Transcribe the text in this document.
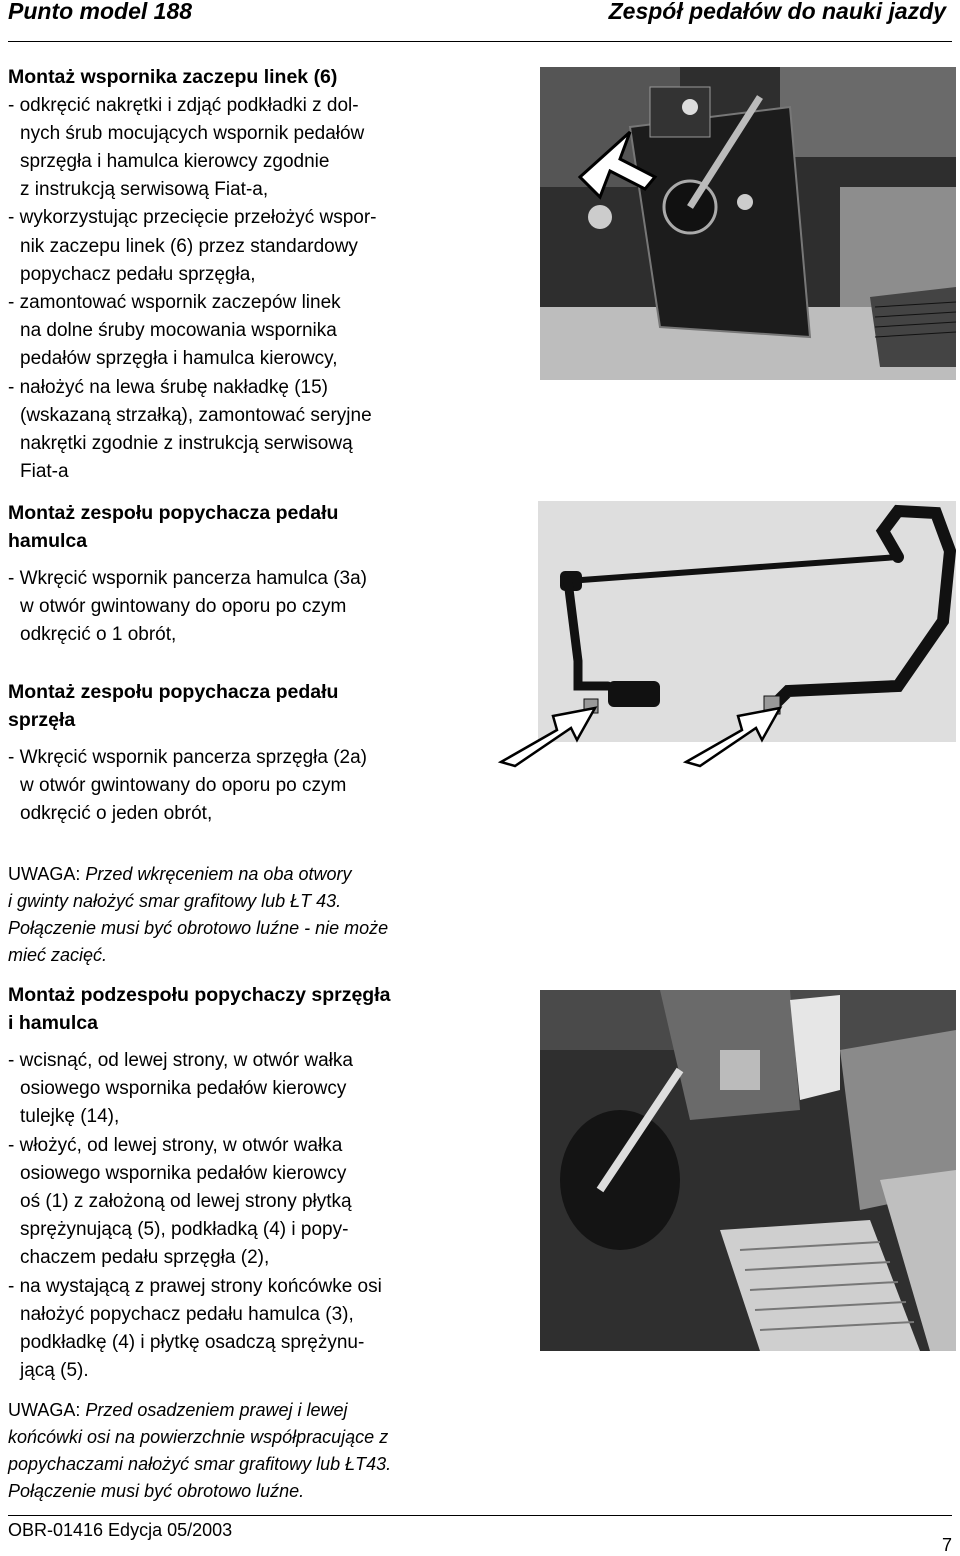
Punto model 188	Zespół pedałów do nauki jazdy
Montaż wspornika zaczepu linek (6)
- odkręcić nakrętki i zdjąć podkładki z dol-
nych śrub mocujących wspornik pedałów
sprzęgła i hamulca kierowcy zgodnie
z instrukcją serwisową Fiat-a,
- wykorzystując przecięcie przełożyć wspor-
nik zaczepu linek (6) przez standardowy
popychacz pedału sprzęgła,
- zamontować wspornik zaczepów linek
na dolne śruby mocowania wspornika
pedałów sprzęgła i hamulca kierowcy,
- nałożyć na lewa śrubę nakładkę (15)
(wskazaną strzałką), zamontować seryjne
nakrętki zgodnie z instrukcją serwisową
Fiat-a
Montaż zespołu popychacza pedału
hamulca
- Wkręcić wspornik pancerza hamulca (3a)
w otwór gwintowany do oporu po czym
odkręcić o 1 obrót,
Montaż zespołu popychacza pedału
sprzęła
- Wkręcić wspornik pancerza sprzęgła (2a)
w otwór gwintowany do oporu po czym
odkręcić o jeden obrót,
UWAGA: Przed wkręceniem na oba otwory
i gwinty nałożyć smar grafitowy lub ŁT 43.
Połączenie musi być obrotowo luźne - nie może
mieć zacięć.
Montaż podzespołu popychaczy sprzęgła
i hamulca
- wcisnąć, od lewej strony, w otwór wałka
osiowego wspornika pedałów kierowcy
tulejkę (14),
- włożyć, od lewej strony, w otwór wałka
osiowego wspornika pedałów kierowcy
oś (1) z założoną od lewej strony płytką
sprężynującą (5), podkładką (4) i popy-
chaczem pedału sprzęgła (2),
- na wystającą z prawej strony końcówke osi
nałożyć popychacz pedału hamulca (3),
podkładkę (4) i płytkę osadczą sprężynu-
jącą (5).
UWAGA: Przed osadzeniem prawej i lewej
końcówki osi na powierzchnie współpracujące z
popychaczami nałożyć smar grafitowy lub ŁT43.
Połączenie musi być obrotowo luźne.
OBR-01416 Edycja 05/2003
7
